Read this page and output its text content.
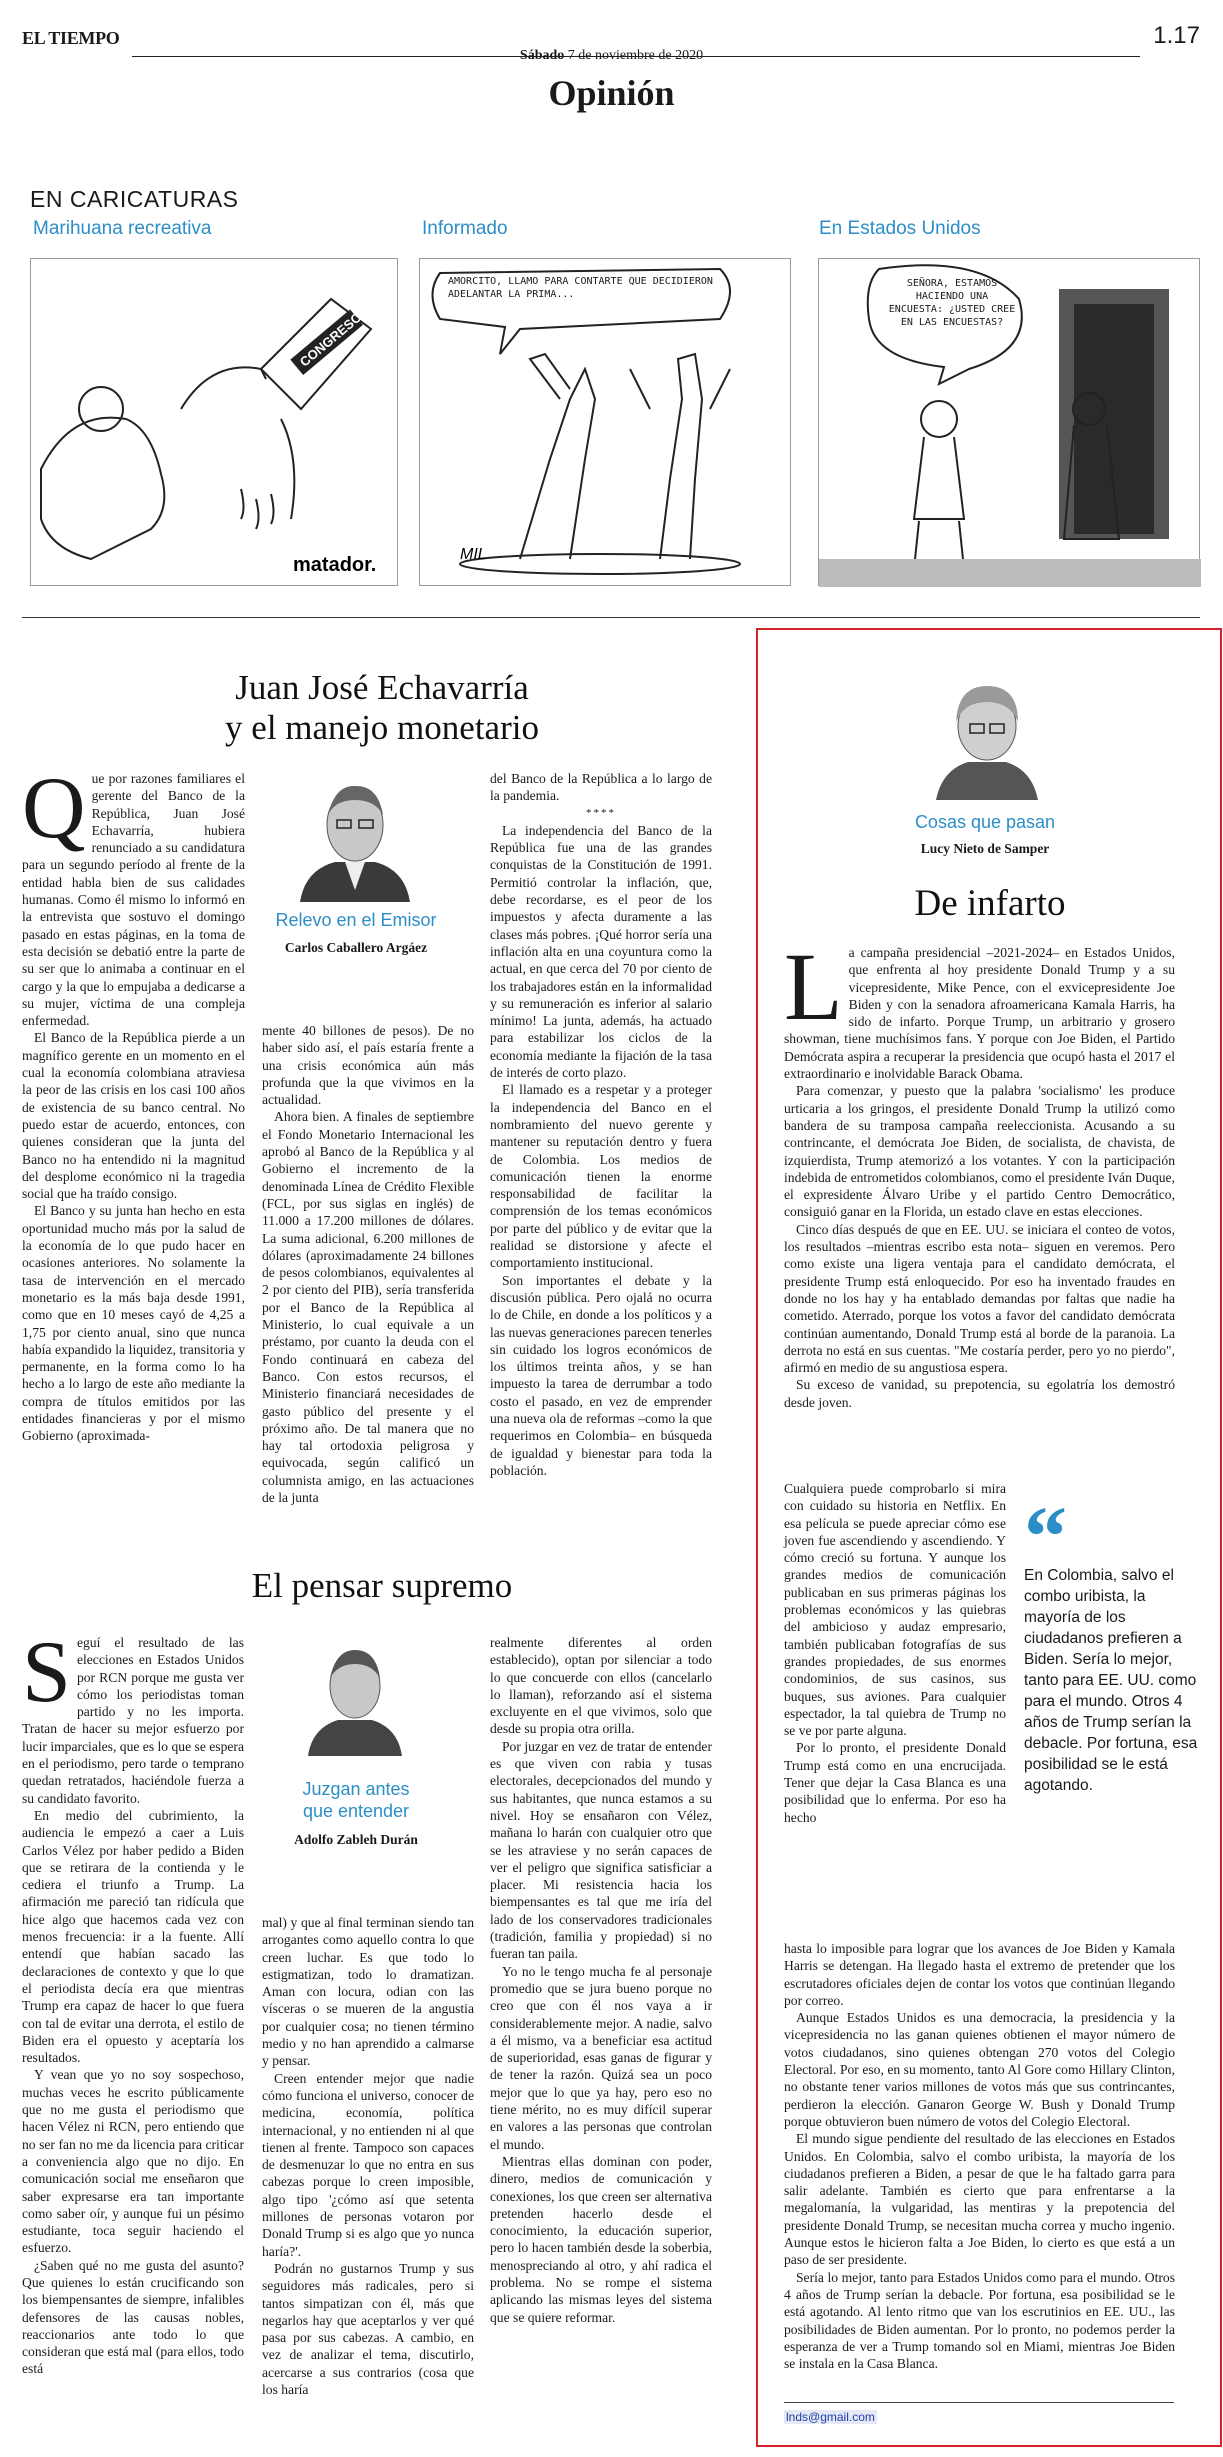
EL TIEMPO	1.17
Sábado 7 de noviembre de 2020
Opinión
EN CARICATURAS
Marihuana recreativa
CONGRESO
matador.
Informado
AMORCITO, LLAMO PARA CONTARTE QUE DECIDIERON ADELANTAR LA PRIMA...
MIL
En Estados Unidos
SEÑORA, ESTAMOS HACIENDO UNA ENCUESTA: ¿USTED CREE EN LAS ENCUESTAS?
Juan José Echavarría
y el manejo monetario

Que por razones familiares el gerente del Banco de la República, Juan José Echavarría, hubiera renunciado a su candidatura para un segundo período al frente de la entidad habla bien de sus calidades humanas. Como él mismo lo informó en la entrevista que sostuvo el domingo pasado en estas páginas, en la toma de esta decisión se debatió entre la parte de su ser que lo animaba a continuar en el cargo y la que lo empujaba a dedicarse a su mujer, víctima de una compleja enfermedad.

El Banco de la República pierde a un magnífico gerente en un momento en el cual la economía colombiana atraviesa la peor de las crisis en los casi 100 años de existencia de su banco central. No puedo estar de acuerdo, entonces, con quienes consideran que la junta del Banco no ha entendido ni la magnitud del desplome económico ni la tragedia social que ha traído consigo.

El Banco y su junta han hecho en esta oportunidad mucho más por la salud de la economía de lo que pudo hacer en ocasiones anteriores. No solamente la tasa de intervención en el mercado monetario es la más baja desde 1991, como que en 10 meses cayó de 4,25 a 1,75 por ciento anual, sino que nunca había expandido la liquidez, transitoria y permanente, en la forma como lo ha hecho a lo largo de este año mediante la compra de títulos emitidos por las entidades financieras y por el mismo Gobierno (aproximada-

Relevo en el Emisor
Carlos Caballero Argáez

mente 40 billones de pesos). De no haber sido así, el país estaría frente a una crisis económica aún más profunda que la que vivimos en la actualidad.

Ahora bien. A finales de septiembre el Fondo Monetario Internacional les aprobó al Banco de la República y al Gobierno el incremento de la denominada Línea de Crédito Flexible (FCL, por sus siglas en inglés) de 11.000 a 17.200 millones de dólares. La suma adicional, 6.200 millones de dólares (aproximadamente 24 billones de pesos colombianos, equivalentes al 2 por ciento del PIB), sería transferida por el Banco de la República al Ministerio, lo cual equivale a un préstamo, por cuanto la deuda con el Fondo continuará en cabeza del Banco. Con estos recursos, el Ministerio financiará necesidades de gasto público del presente y el próximo año. De tal manera que no hay tal ortodoxia peligrosa y equivocada, según calificó un columnista amigo, en las actuaciones de la junta

del Banco de la República a lo largo de la pandemia.

****

La independencia del Banco de la República fue una de las grandes conquistas de la Constitución de 1991. Permitió controlar la inflación, que, debe recordarse, es el peor de los impuestos y afecta duramente a las clases más pobres. ¡Qué horror sería una inflación alta en una coyuntura como la actual, en que cerca del 70 por ciento de los trabajadores están en la informalidad y su remuneración es inferior al salario mínimo! La junta, además, ha actuado para estabilizar los ciclos de la economía mediante la fijación de la tasa de interés de corto plazo.

El llamado es a respetar y a proteger la independencia del Banco en el nombramiento del nuevo gerente y mantener su reputación dentro y fuera de Colombia. Los medios de comunicación tienen la enorme responsabilidad de facilitar la comprensión de los temas económicos por parte del público y de evitar que la realidad se distorsione y afecte el comportamiento institucional.

Son importantes el debate y la discusión pública. Pero ojalá no ocurra lo de Chile, en donde a los políticos y a las nuevas generaciones parecen tenerles sin cuidado los logros económicos de los últimos treinta años, y se han impuesto la tarea de derrumbar a todo costo el pasado, en vez de emprender una nueva ola de reformas –como la que requerimos en Colombia– en búsqueda de igualdad y bienestar para toda la población.

El pensar supremo

Seguí el resultado de las elecciones en Estados Unidos por RCN porque me gusta ver cómo los periodistas toman partido y no les importa. Tratan de hacer su mejor esfuerzo por lucir imparciales, que es lo que se espera en el periodismo, pero tarde o temprano quedan retratados, haciéndole fuerza a su candidato favorito.

En medio del cubrimiento, la audiencia le empezó a caer a Luis Carlos Vélez por haber pedido a Biden que se retirara de la contienda y le cediera el triunfo a Trump. La afirmación me pareció tan ridícula que hice algo que hacemos cada vez con menos frecuencia: ir a la fuente. Allí entendí que habían sacado las declaraciones de contexto y que lo que el periodista decía era que mientras Trump era capaz de hacer lo que fuera con tal de evitar una derrota, el estilo de Biden era el opuesto y aceptaría los resultados.

Y vean que yo no soy sospechoso, muchas veces he escrito públicamente que no me gusta el periodismo que hacen Vélez ni RCN, pero entiendo que no ser fan no me da licencia para criticar a conveniencia algo que no dijo. En comunicación social me enseñaron que saber expresarse era tan importante como saber oír, y aunque fui un pésimo estudiante, toca seguir haciendo el esfuerzo.

¿Saben qué no me gusta del asunto? Que quienes lo están crucificando son los biempensantes de siempre, infalibles defensores de las causas nobles, reaccionarios ante todo lo que consideran que está mal (para ellos, todo está

Juzgan antes
que entender
Adolfo Zableh Durán

mal) y que al final terminan siendo tan arrogantes como aquello contra lo que creen luchar. Es que todo lo estigmatizan, todo lo dramatizan. Aman con locura, odian con las vísceras o se mueren de la angustia por cualquier cosa; no tienen término medio y no han aprendido a calmarse y pensar.

Creen entender mejor que nadie cómo funciona el universo, conocer de medicina, economía, política internacional, y no entienden ni al que tienen al frente. Tampoco son capaces de desmenuzar lo que no entra en sus cabezas porque lo creen imposible, algo tipo '¿cómo así que setenta millones de personas votaron por Donald Trump si es algo que yo nunca haría?'.

Podrán no gustarnos Trump y sus seguidores más radicales, pero si tantos simpatizan con él, más que negarlos hay que aceptarlos y ver qué pasa por sus cabezas. A cambio, en vez de analizar el tema, discutirlo, acercarse a sus contrarios (cosa que los haría

realmente diferentes al orden establecido), optan por silenciar a todo lo que concuerde con ellos (cancelarlo lo llaman), reforzando así el sistema excluyente en el que vivimos, solo que desde su propia otra orilla.

Por juzgar en vez de tratar de entender es que viven con rabia y tusas electorales, decepcionados del mundo y sus habitantes, que nunca estamos a su nivel. Hoy se ensañaron con Vélez, mañana lo harán con cualquier otro que se les atraviese y no serán capaces de ver el peligro que significa satisficiar a placer. Mi resistencia hacia los biempensantes es tal que me iría del lado de los conservadores tradicionales (tradición, familia y propiedad) si no fueran tan paila.

Yo no le tengo mucha fe al personaje promedio que se jura bueno porque no creo que con él nos vaya a ir considerablemente mejor. A nadie, salvo a él mismo, va a beneficiar esa actitud de superioridad, esas ganas de figurar y de tener la razón. Quizá sea un poco mejor que lo que ya hay, pero eso no tiene mérito, no es muy difícil superar en valores a las personas que controlan el mundo.

Mientras ellas dominan con poder, dinero, medios de comunicación y conexiones, los que creen ser alternativa pretenden hacerlo desde el conocimiento, la educación superior, pero lo hacen también desde la soberbia, menospreciando al otro, y ahí radica el problema. No se rompe el sistema aplicando las mismas leyes del sistema que se quiere reformar.

Cosas que pasan
Lucy Nieto de Samper
De infarto

La campaña presidencial –2021-2024– en Estados Unidos, que enfrenta al hoy presidente Donald Trump y a su vicepresidente, Mike Pence, con el exvicepresidente Joe Biden y con la senadora afroamericana Kamala Harris, ha sido de infarto. Porque Trump, un arbitrario y grosero showman, tiene muchísimos fans. Y porque con Joe Biden, el Partido Demócrata aspira a recuperar la presidencia que ocupó hasta el 2017 el extraordinario e inolvidable Barack Obama.

Para comenzar, y puesto que la palabra 'socialismo' les produce urticaria a los gringos, el presidente Donald Trump la utilizó como bandera de su tramposa campaña reeleccionista. Acusando a su contrincante, el demócrata Joe Biden, de socialista, de chavista, de izquierdista, Trump atemorizó a los votantes. Y con la participación indebida de entrometidos colombianos, como el presidente Iván Duque, el expresidente Álvaro Uribe y el partido Centro Democrático, consiguió ganar en la Florida, un estado clave en estas elecciones.

Cinco días después de que en EE. UU. se iniciara el conteo de votos, los resultados –mientras escribo esta nota– siguen en veremos. Pero como existe una ligera ventaja para el candidato demócrata, el presidente Trump está enloquecido. Por eso ha inventado fraudes en donde no los hay y ha entablado demandas por faltas que nadie ha cometido. Aterrado, porque los votos a favor del candidato demócrata continúan aumentando, Donald Trump está al borde de la paranoia. La derrota no está en sus cuentas. "Me costaría perder, pero yo no pierdo", afirmó en medio de su angustiosa espera.

Su exceso de vanidad, su prepotencia, su egolatría los demostró desde joven.

Cualquiera puede comprobarlo si mira con cuidado su historia en Netflix. En esa película se puede apreciar cómo ese joven fue ascendiendo y ascendiendo. Y cómo creció su fortuna. Y aunque los grandes medios de comunicación publicaban en sus primeras páginas los problemas económicos y las quiebras del ambicioso y audaz empresario, también publicaban fotografías de sus grandes propiedades, de sus enormes condominios, de sus casinos, sus buques, sus aviones. Para cualquier espectador, la tal quiebra de Trump no se ve por parte alguna.

Por lo pronto, el presidente Donald Trump está como en una encrucijada. Tener que dejar la Casa Blanca es una posibilidad que lo enferma. Por eso ha hecho

“
En Colombia, salvo el combo uribista, la mayoría de los ciudadanos prefieren a Biden. Sería lo mejor, tanto para EE. UU. como para el mundo. Otros 4 años de Trump serían la debacle. Por fortuna, esa posibilidad se le está agotando.

hasta lo imposible para lograr que los avances de Joe Biden y Kamala Harris se detengan. Ha llegado hasta el extremo de pretender que los escrutadores oficiales dejen de contar los votos que continúan llegando por correo.

Aunque Estados Unidos es una democracia, la presidencia y la vicepresidencia no las ganan quienes obtienen el mayor número de votos ciudadanos, sino quienes obtengan 270 votos del Colegio Electoral. Por eso, en su momento, tanto Al Gore como Hillary Clinton, no obstante tener varios millones de votos más que sus contrincantes, perdieron la elección. Ganaron George W. Bush y Donald Trump porque obtuvieron buen número de votos del Colegio Electoral.

El mundo sigue pendiente del resultado de las elecciones en Estados Unidos. En Colombia, salvo el combo uribista, la mayoría de los ciudadanos prefieren a Biden, a pesar de que le ha faltado garra para salir adelante. También es cierto que para enfrentarse a la megalomanía, la vulgaridad, las mentiras y la prepotencia del presidente Donald Trump, se necesitan mucha correa y mucho ingenio. Aunque estos le hicieron falta a Joe Biden, lo cierto es que está a un paso de ser presidente.

Sería lo mejor, tanto para Estados Unidos como para el mundo. Otros 4 años de Trump serían la debacle. Por fortuna, esa posibilidad se le está agotando. Al lento ritmo que van los escrutinios en EE. UU., las posibilidades de Biden aumentan. Por lo pronto, no podemos perder la esperanza de ver a Trump tomando sol en Miami, mientras Joe Biden se instala en la Casa Blanca.

lnds@gmail.com
